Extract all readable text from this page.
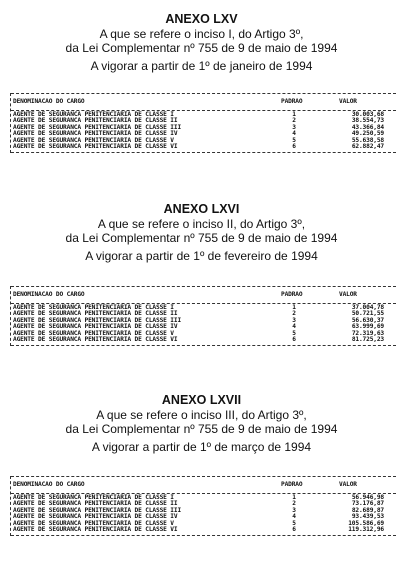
ANEXO LXV

A que se refere o inciso I, do Artigo 3º,

da Lei Complementar nº 755 de 9 de maio de 1994

A vigorar a partir de 1º de janeiro de 1994

DENOMINACAO DO CARGO	PADRAO	VALOR
AGENTE DE SEGURANCA PENITENCIARIA DE CLASSE I	1	30.003,68
AGENTE DE SEGURANCA PENITENCIARIA DE CLASSE II	2	38.554,73
AGENTE DE SEGURANCA PENITENCIARIA DE CLASSE III	3	43.366,84
AGENTE DE SEGURANCA PENITENCIARIA DE CLASSE IV	4	49.250,59
AGENTE DE SEGURANCA PENITENCIARIA DE CLASSE V	5	55.638,58
AGENTE DE SEGURANCA PENITENCIARIA DE CLASSE VI	6	62.882,47

ANEXO LXVI

A que se refere o inciso II, do Artigo 3º,

da Lei Complementar nº 755 de 9 de maio de 1994

A vigorar a partir de 1º de fevereiro de 1994

DENOMINACAO DO CARGO	PADRAO	VALOR
AGENTE DE SEGURANCA PENITENCIARIA DE CLASSE I	1	37.004,78
AGENTE DE SEGURANCA PENITENCIARIA DE CLASSE II	2	50.721,55
AGENTE DE SEGURANCA PENITENCIARIA DE CLASSE III	3	56.630,37
AGENTE DE SEGURANCA PENITENCIARIA DE CLASSE IV	4	63.999,69
AGENTE DE SEGURANCA PENITENCIARIA DE CLASSE V	5	72.319,63
AGENTE DE SEGURANCA PENITENCIARIA DE CLASSE VI	6	81.725,23

ANEXO LXVII

A que se refere o inciso III, do Artigo 3º,

da Lei Complementar nº 755 de 9 de maio de 1994

A vigorar a partir de 1º de março de 1994

DENOMINACAO DO CARGO	PADRAO	VALOR
AGENTE DE SEGURANCA PENITENCIARIA DE CLASSE I	1	56.946,98
AGENTE DE SEGURANCA PENITENCIARIA DE CLASSE II	2	73.176,87
AGENTE DE SEGURANCA PENITENCIARIA DE CLASSE III	3	82.689,87
AGENTE DE SEGURANCA PENITENCIARIA DE CLASSE IV	4	93.439,53
AGENTE DE SEGURANCA PENITENCIARIA DE CLASSE V	5	105.586,69
AGENTE DE SEGURANCA PENITENCIARIA DE CLASSE VI	6	119.312,96
